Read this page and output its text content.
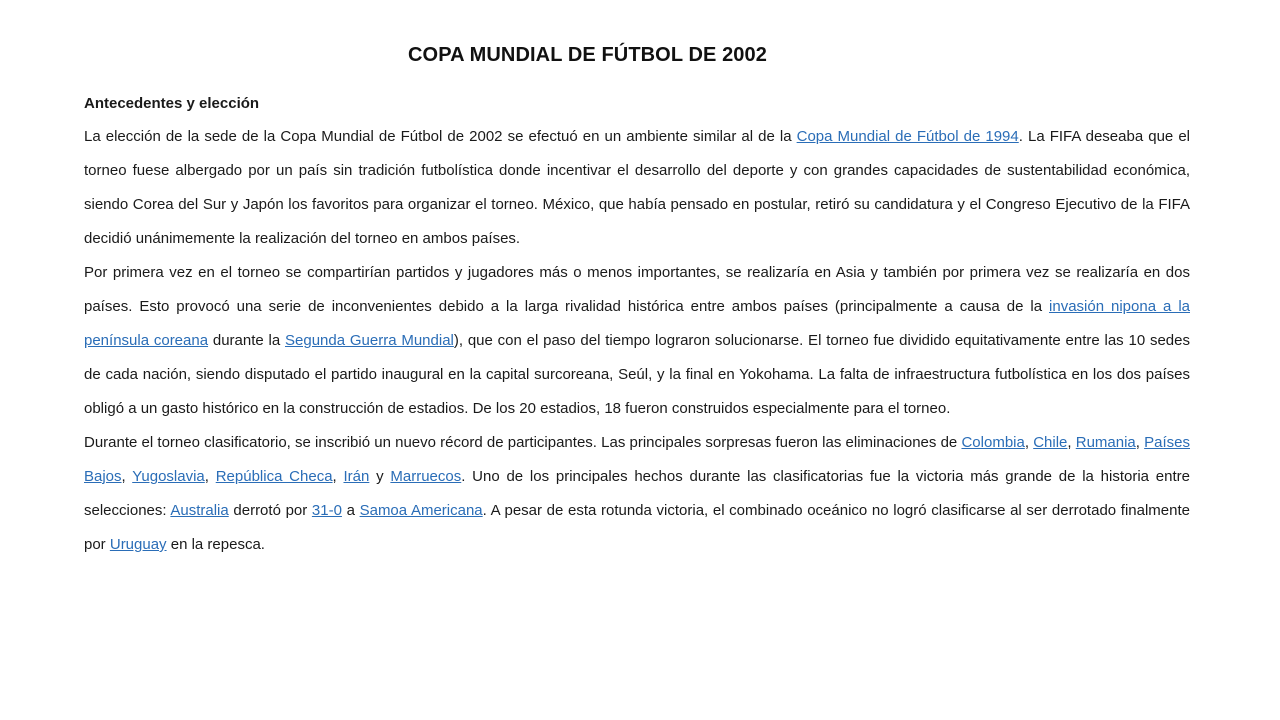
COPA MUNDIAL DE FÚTBOL DE 2002

Antecedentes y elección

La elección de la sede de la Copa Mundial de Fútbol de 2002 se efectuó en un ambiente similar al de la Copa Mundial de Fútbol de 1994. La FIFA deseaba que el torneo fuese albergado por un país sin tradición futbolística donde incentivar el desarrollo del deporte y con grandes capacidades de sustentabilidad económica, siendo Corea del Sur y Japón los favoritos para organizar el torneo. México, que había pensado en postular, retiró su candidatura y el Congreso Ejecutivo de la FIFA decidió unánimemente la realización del torneo en ambos países.

Por primera vez en el torneo se compartirían partidos y jugadores más o menos importantes, se realizaría en Asia y también por primera vez se realizaría en dos países. Esto provocó una serie de inconvenientes debido a la larga rivalidad histórica entre ambos países (principalmente a causa de la invasión nipona a la península coreana durante la Segunda Guerra Mundial), que con el paso del tiempo lograron solucionarse. El torneo fue dividido equitativamente entre las 10 sedes de cada nación, siendo disputado el partido inaugural en la capital surcoreana, Seúl, y la final en Yokohama. La falta de infraestructura futbolística en los dos países obligó a un gasto histórico en la construcción de estadios. De los 20 estadios, 18 fueron construidos especialmente para el torneo.

Durante el torneo clasificatorio, se inscribió un nuevo récord de participantes. Las principales sorpresas fueron las eliminaciones de Colombia, Chile, Rumania, Países Bajos, Yugoslavia, República Checa, Irán y Marruecos. Uno de los principales hechos durante las clasificatorias fue la victoria más grande de la historia entre selecciones: Australia derrotó por 31-0 a Samoa Americana. A pesar de esta rotunda victoria, el combinado oceánico no logró clasificarse al ser derrotado finalmente por Uruguay en la repesca.
